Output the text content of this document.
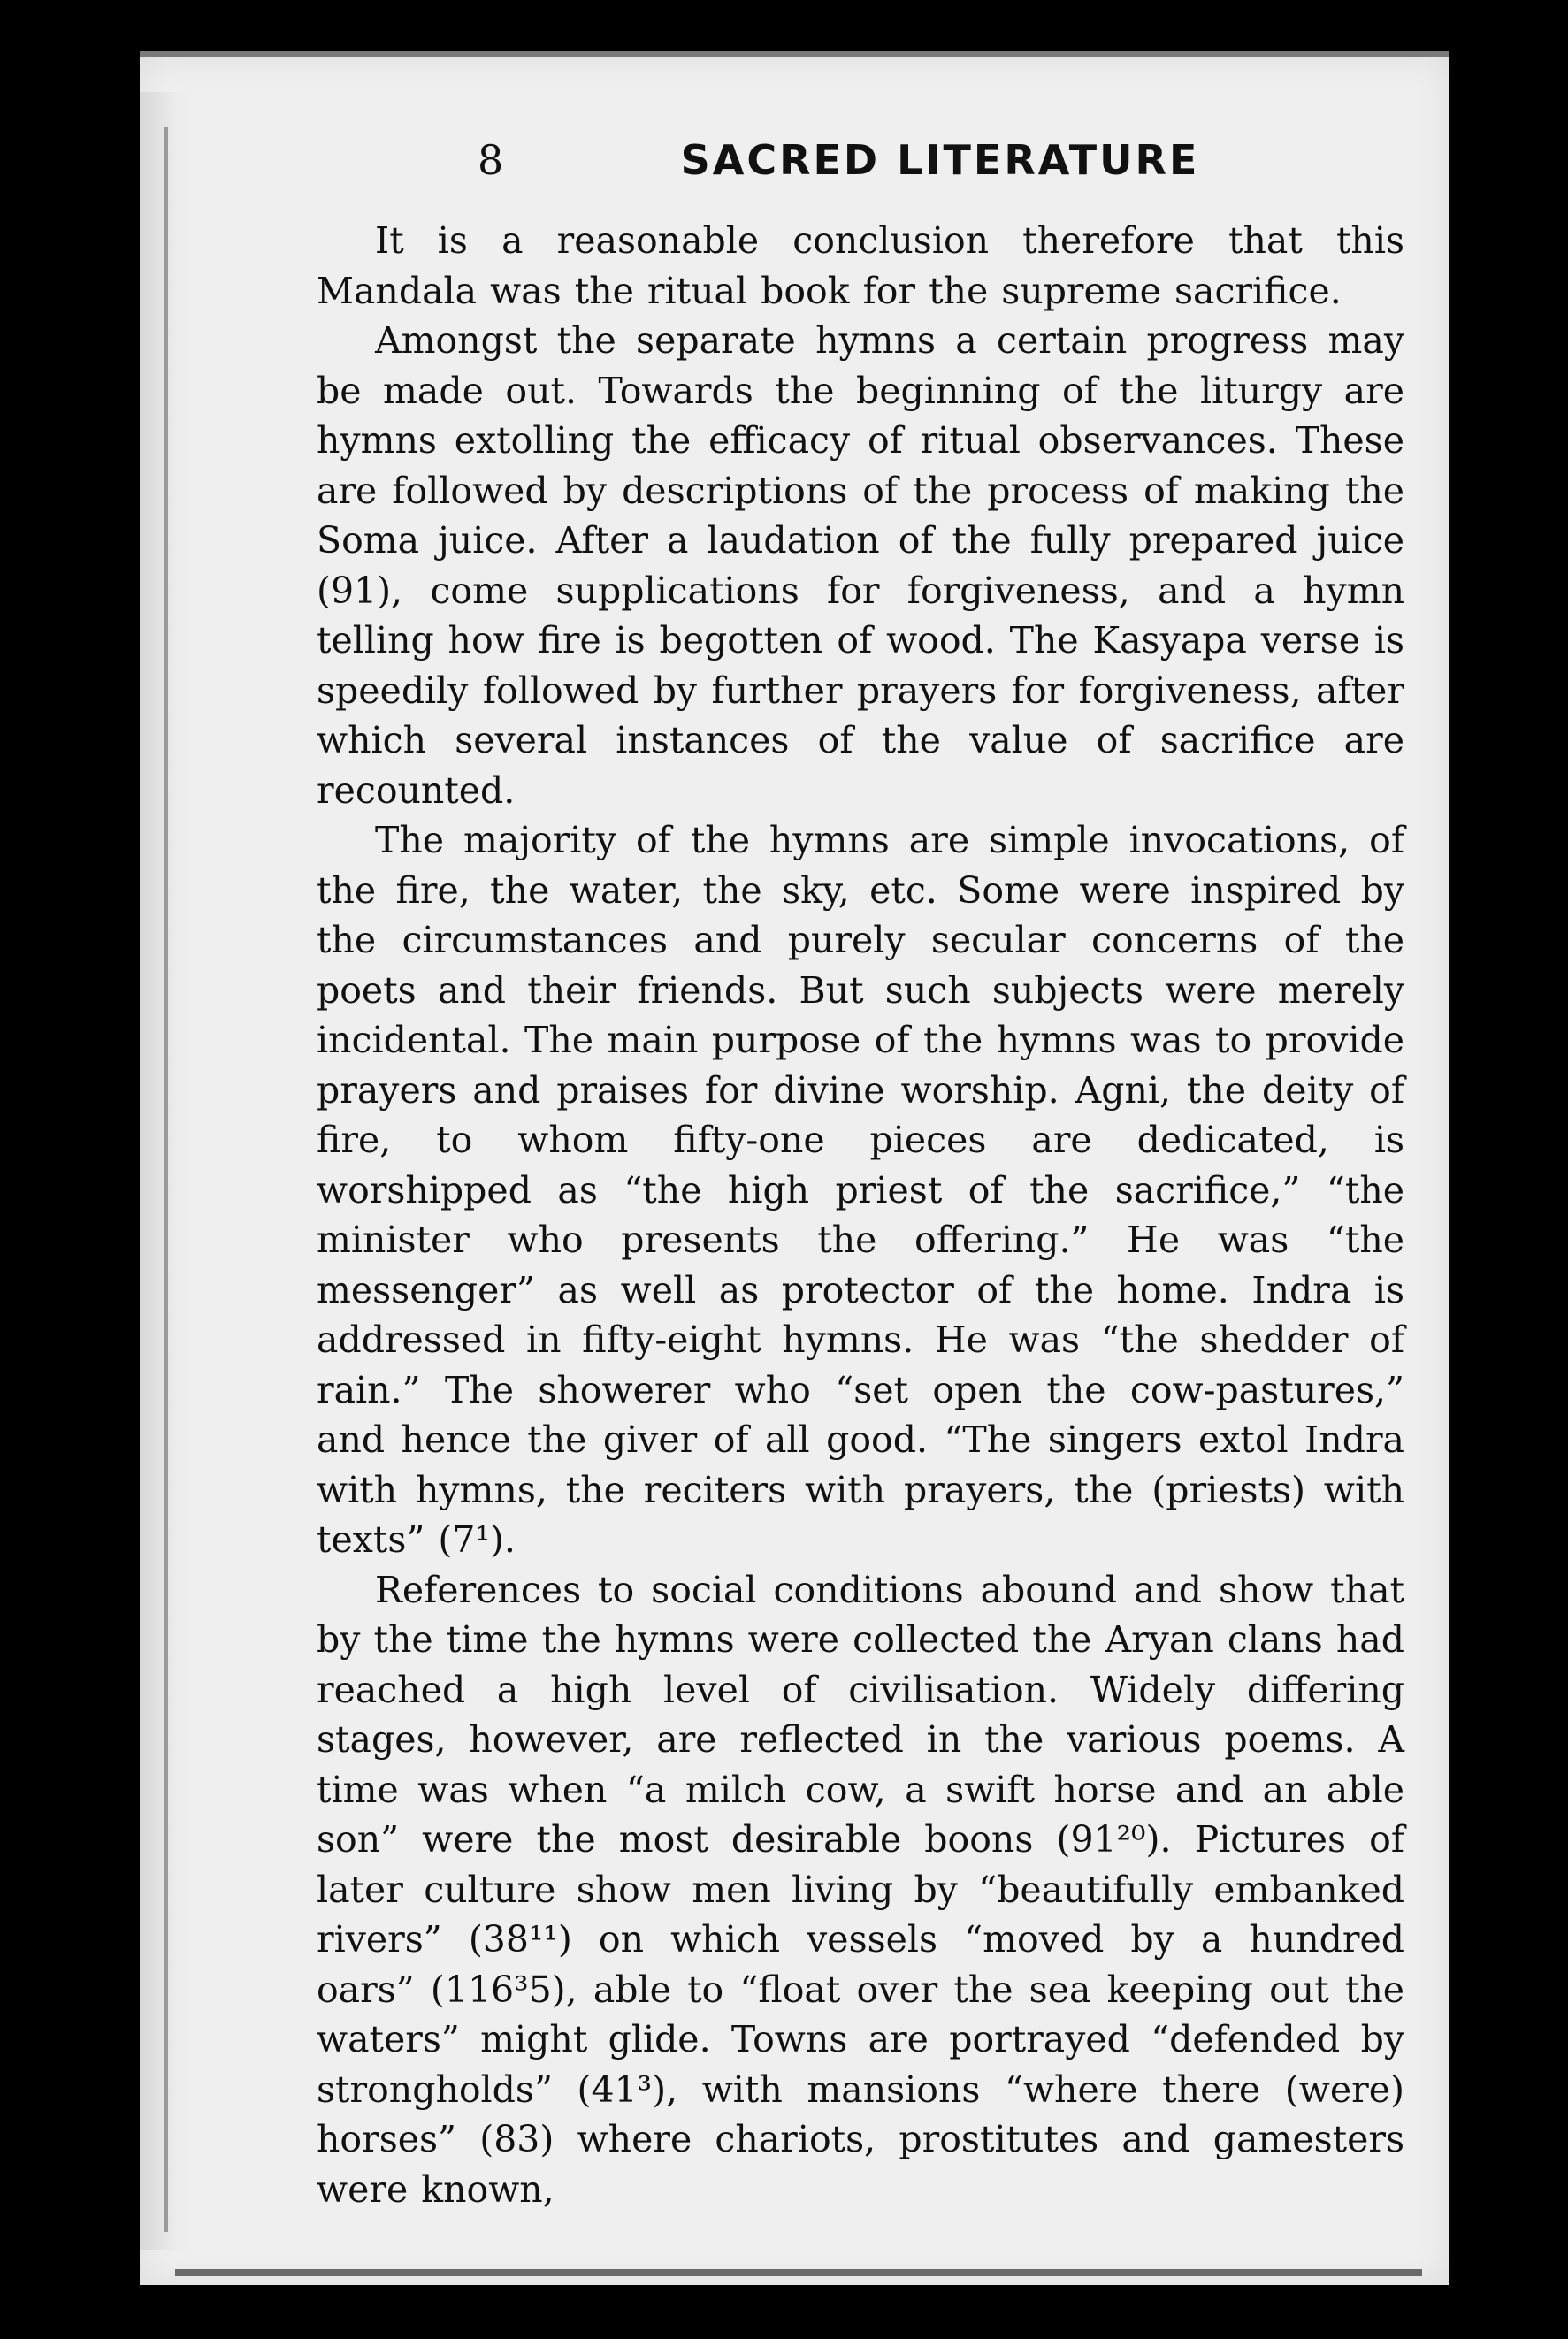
8	SACRED LITERATURE

It is a reasonable conclusion therefore that this Mandala was the ritual book for the supreme sacrifice.

Amongst the separate hymns a certain progress may be made out. Towards the beginning of the liturgy are hymns extolling the efficacy of ritual observances. These are followed by descriptions of the process of making the Soma juice. After a laudation of the fully prepared juice (91), come supplications for forgiveness, and a hymn telling how fire is begotten of wood. The Kasyapa verse is speedily followed by further prayers for forgiveness, after which several instances of the value of sacrifice are recounted.

The majority of the hymns are simple invocations, of the fire, the water, the sky, etc. Some were inspired by the circumstances and purely secular concerns of the poets and their friends. But such subjects were merely incidental. The main purpose of the hymns was to provide prayers and praises for divine worship. Agni, the deity of fire, to whom fifty-one pieces are dedicated, is worshipped as “the high priest of the sacrifice,” “the minister who presents the offering.” He was “the messenger” as well as protector of the home. Indra is addressed in fifty-eight hymns. He was “the shedder of rain.” The showerer who “set open the cow-pastures,” and hence the giver of all good. “The singers extol Indra with hymns, the reciters with prayers, the (priests) with texts” (7¹).

References to social conditions abound and show that by the time the hymns were collected the Aryan clans had reached a high level of civilisation. Widely differing stages, however, are reflected in the various poems. A time was when “a milch cow, a swift horse and an able son” were the most desirable boons (91²⁰). Pictures of later culture show men living by “beautifully embanked rivers” (38¹¹) on which vessels “moved by a hundred oars” (116³5), able to “float over the sea keeping out the waters” might glide. Towns are portrayed “defended by strongholds” (41³), with mansions “where there (were) horses” (83) where chariots, prostitutes and gamesters were known,
